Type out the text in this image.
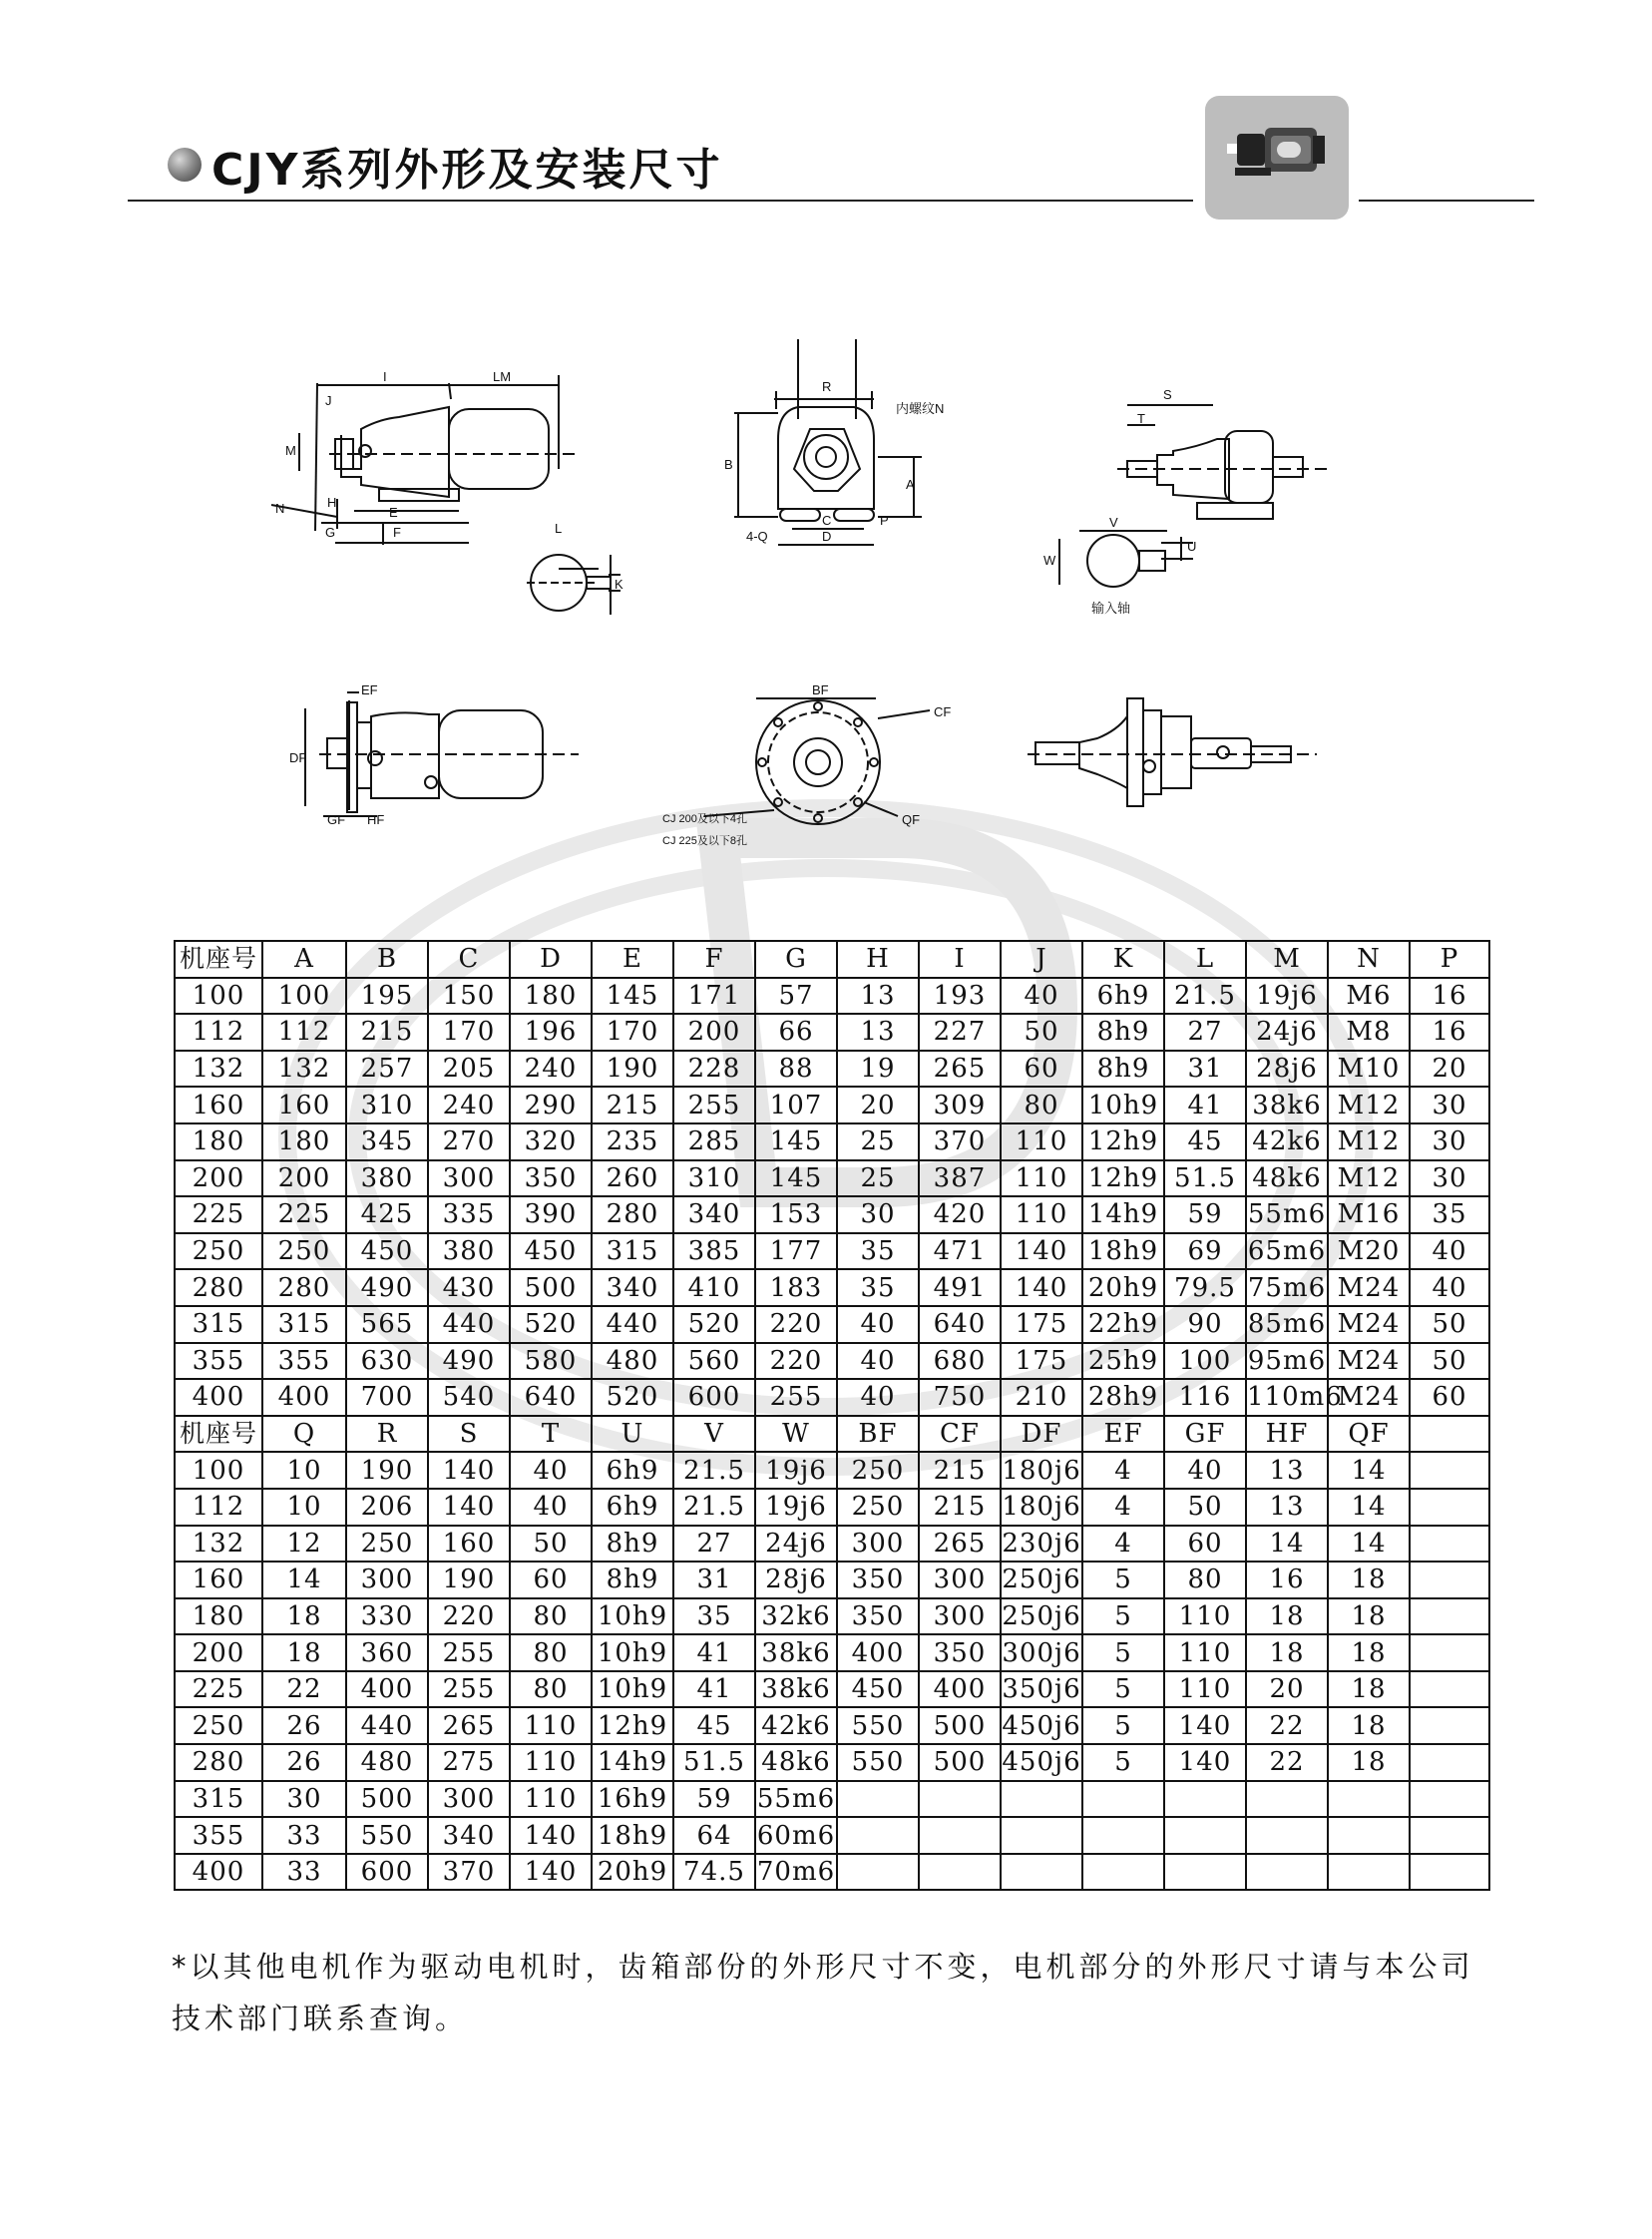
CJY系列外形及安装尺寸
I	LM
J
M
N	H
E
G	F	L
K
R
内螺纹N
B
A
C	P
4-Q	D
S
T
V
W
U
输入轴
EF
DF
GF HF
BF
CF
QF
CJ 200及以下4孔
CJ 225及以下8孔
机座号	A	B	C	D	E	F	G	H	I	J	K	L	M	N	P
100	100	195	150	180	145	171	57	13	193	40	6h9	21.5	19j6	M6	16
112	112	215	170	196	170	200	66	13	227	50	8h9	27	24j6	M8	16
132	132	257	205	240	190	228	88	19	265	60	8h9	31	28j6	M10	20
160	160	310	240	290	215	255	107	20	309	80	10h9	41	38k6	M12	30
180	180	345	270	320	235	285	145	25	370	110	12h9	45	42k6	M12	30
200	200	380	300	350	260	310	145	25	387	110	12h9	51.5	48k6	M12	30
225	225	425	335	390	280	340	153	30	420	110	14h9	59	55m6	M16	35
250	250	450	380	450	315	385	177	35	471	140	18h9	69	65m6	M20	40
280	280	490	430	500	340	410	183	35	491	140	20h9	79.5	75m6	M24	40
315	315	565	440	520	440	520	220	40	640	175	22h9	90	85m6	M24	50
355	355	630	490	580	480	560	220	40	680	175	25h9	100	95m6	M24	50
400	400	700	540	640	520	600	255	40	750	210	28h9	116	110m6	M24	60
机座号	Q	R	S	T	U	V	W	BF	CF	DF	EF	GF	HF	QF	
100	10	190	140	40	6h9	21.5	19j6	250	215	180j6	4	40	13	14	
112	10	206	140	40	6h9	21.5	19j6	250	215	180j6	4	50	13	14	
132	12	250	160	50	8h9	27	24j6	300	265	230j6	4	60	14	14	
160	14	300	190	60	8h9	31	28j6	350	300	250j6	5	80	16	18	
180	18	330	220	80	10h9	35	32k6	350	300	250j6	5	110	18	18	
200	18	360	255	80	10h9	41	38k6	400	350	300j6	5	110	18	18	
225	22	400	255	80	10h9	41	38k6	450	400	350j6	5	110	20	18	
250	26	440	265	110	12h9	45	42k6	550	500	450j6	5	140	22	18	
280	26	480	275	110	14h9	51.5	48k6	550	500	450j6	5	140	22	18	
315	30	500	300	110	16h9	59	55m6								
355	33	550	340	140	18h9	64	60m6								
400	33	600	370	140	20h9	74.5	70m6								
*以其他电机作为驱动电机时，齿箱部份的外形尺寸不变，电机部分的外形尺寸请与本公司技术部门联系查询。
